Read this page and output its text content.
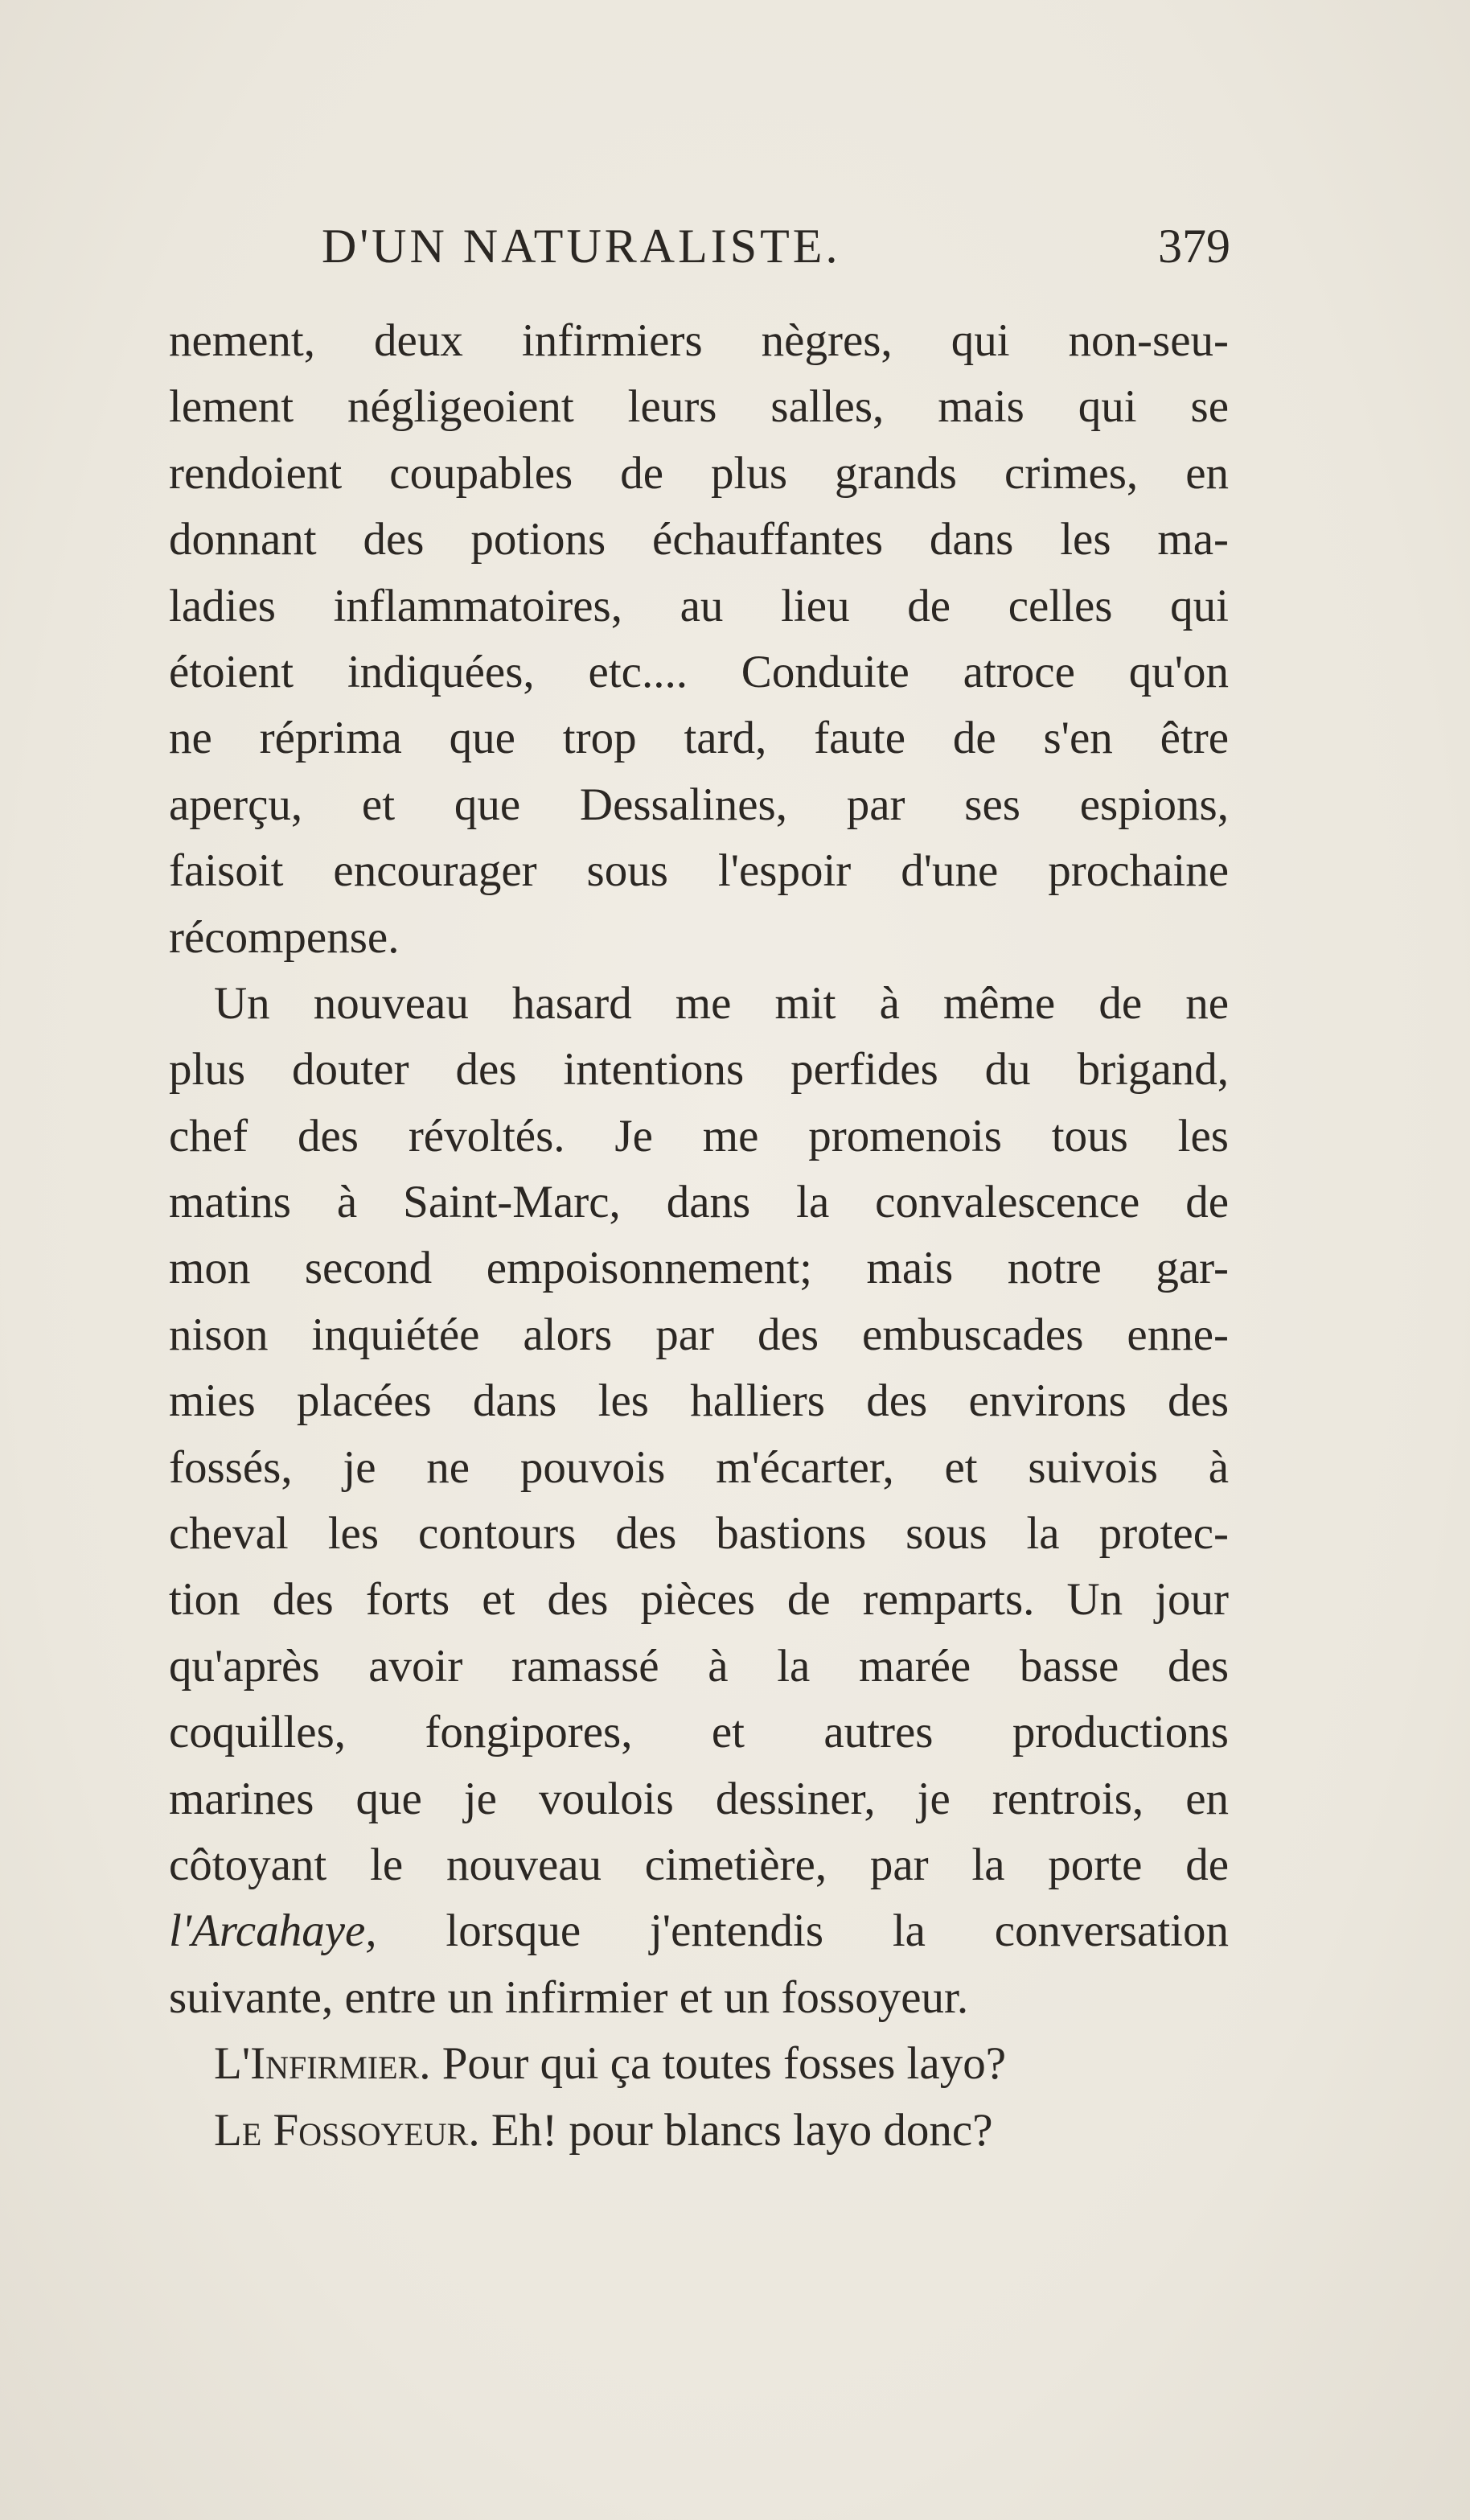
D'UN NATURALISTE.	379
nement, deux infirmiers nègres, qui non-seu-
lement négligeoient leurs salles, mais qui se
rendoient coupables de plus grands crimes, en
donnant des potions échauffantes dans les ma-
ladies inflammatoires, au lieu de celles qui
étoient indiquées, etc.... Conduite atroce qu'on
ne réprima que trop tard, faute de s'en être
aperçu, et que Dessalines, par ses espions,
faisoit encourager sous l'espoir d'une prochaine
récompense.
Un nouveau hasard me mit à même de ne
plus douter des intentions perfides du brigand,
chef des révoltés. Je me promenois tous les
matins à Saint-Marc, dans la convalescence de
mon second empoisonnement; mais notre gar-
nison inquiétée alors par des embuscades enne-
mies placées dans les halliers des environs des
fossés, je ne pouvois m'écarter, et suivois à
cheval les contours des bastions sous la protec-
tion des forts et des pièces de remparts. Un jour
qu'après avoir ramassé à la marée basse des
coquilles, fongipores, et autres productions
marines que je voulois dessiner, je rentrois, en
côtoyant le nouveau cimetière, par la porte de
l'Arcahaye, lorsque j'entendis la conversation
suivante, entre un infirmier et un fossoyeur.
L'Infirmier. Pour qui ça toutes fosses layo?
Le Fossoyeur. Eh! pour blancs layo donc?
